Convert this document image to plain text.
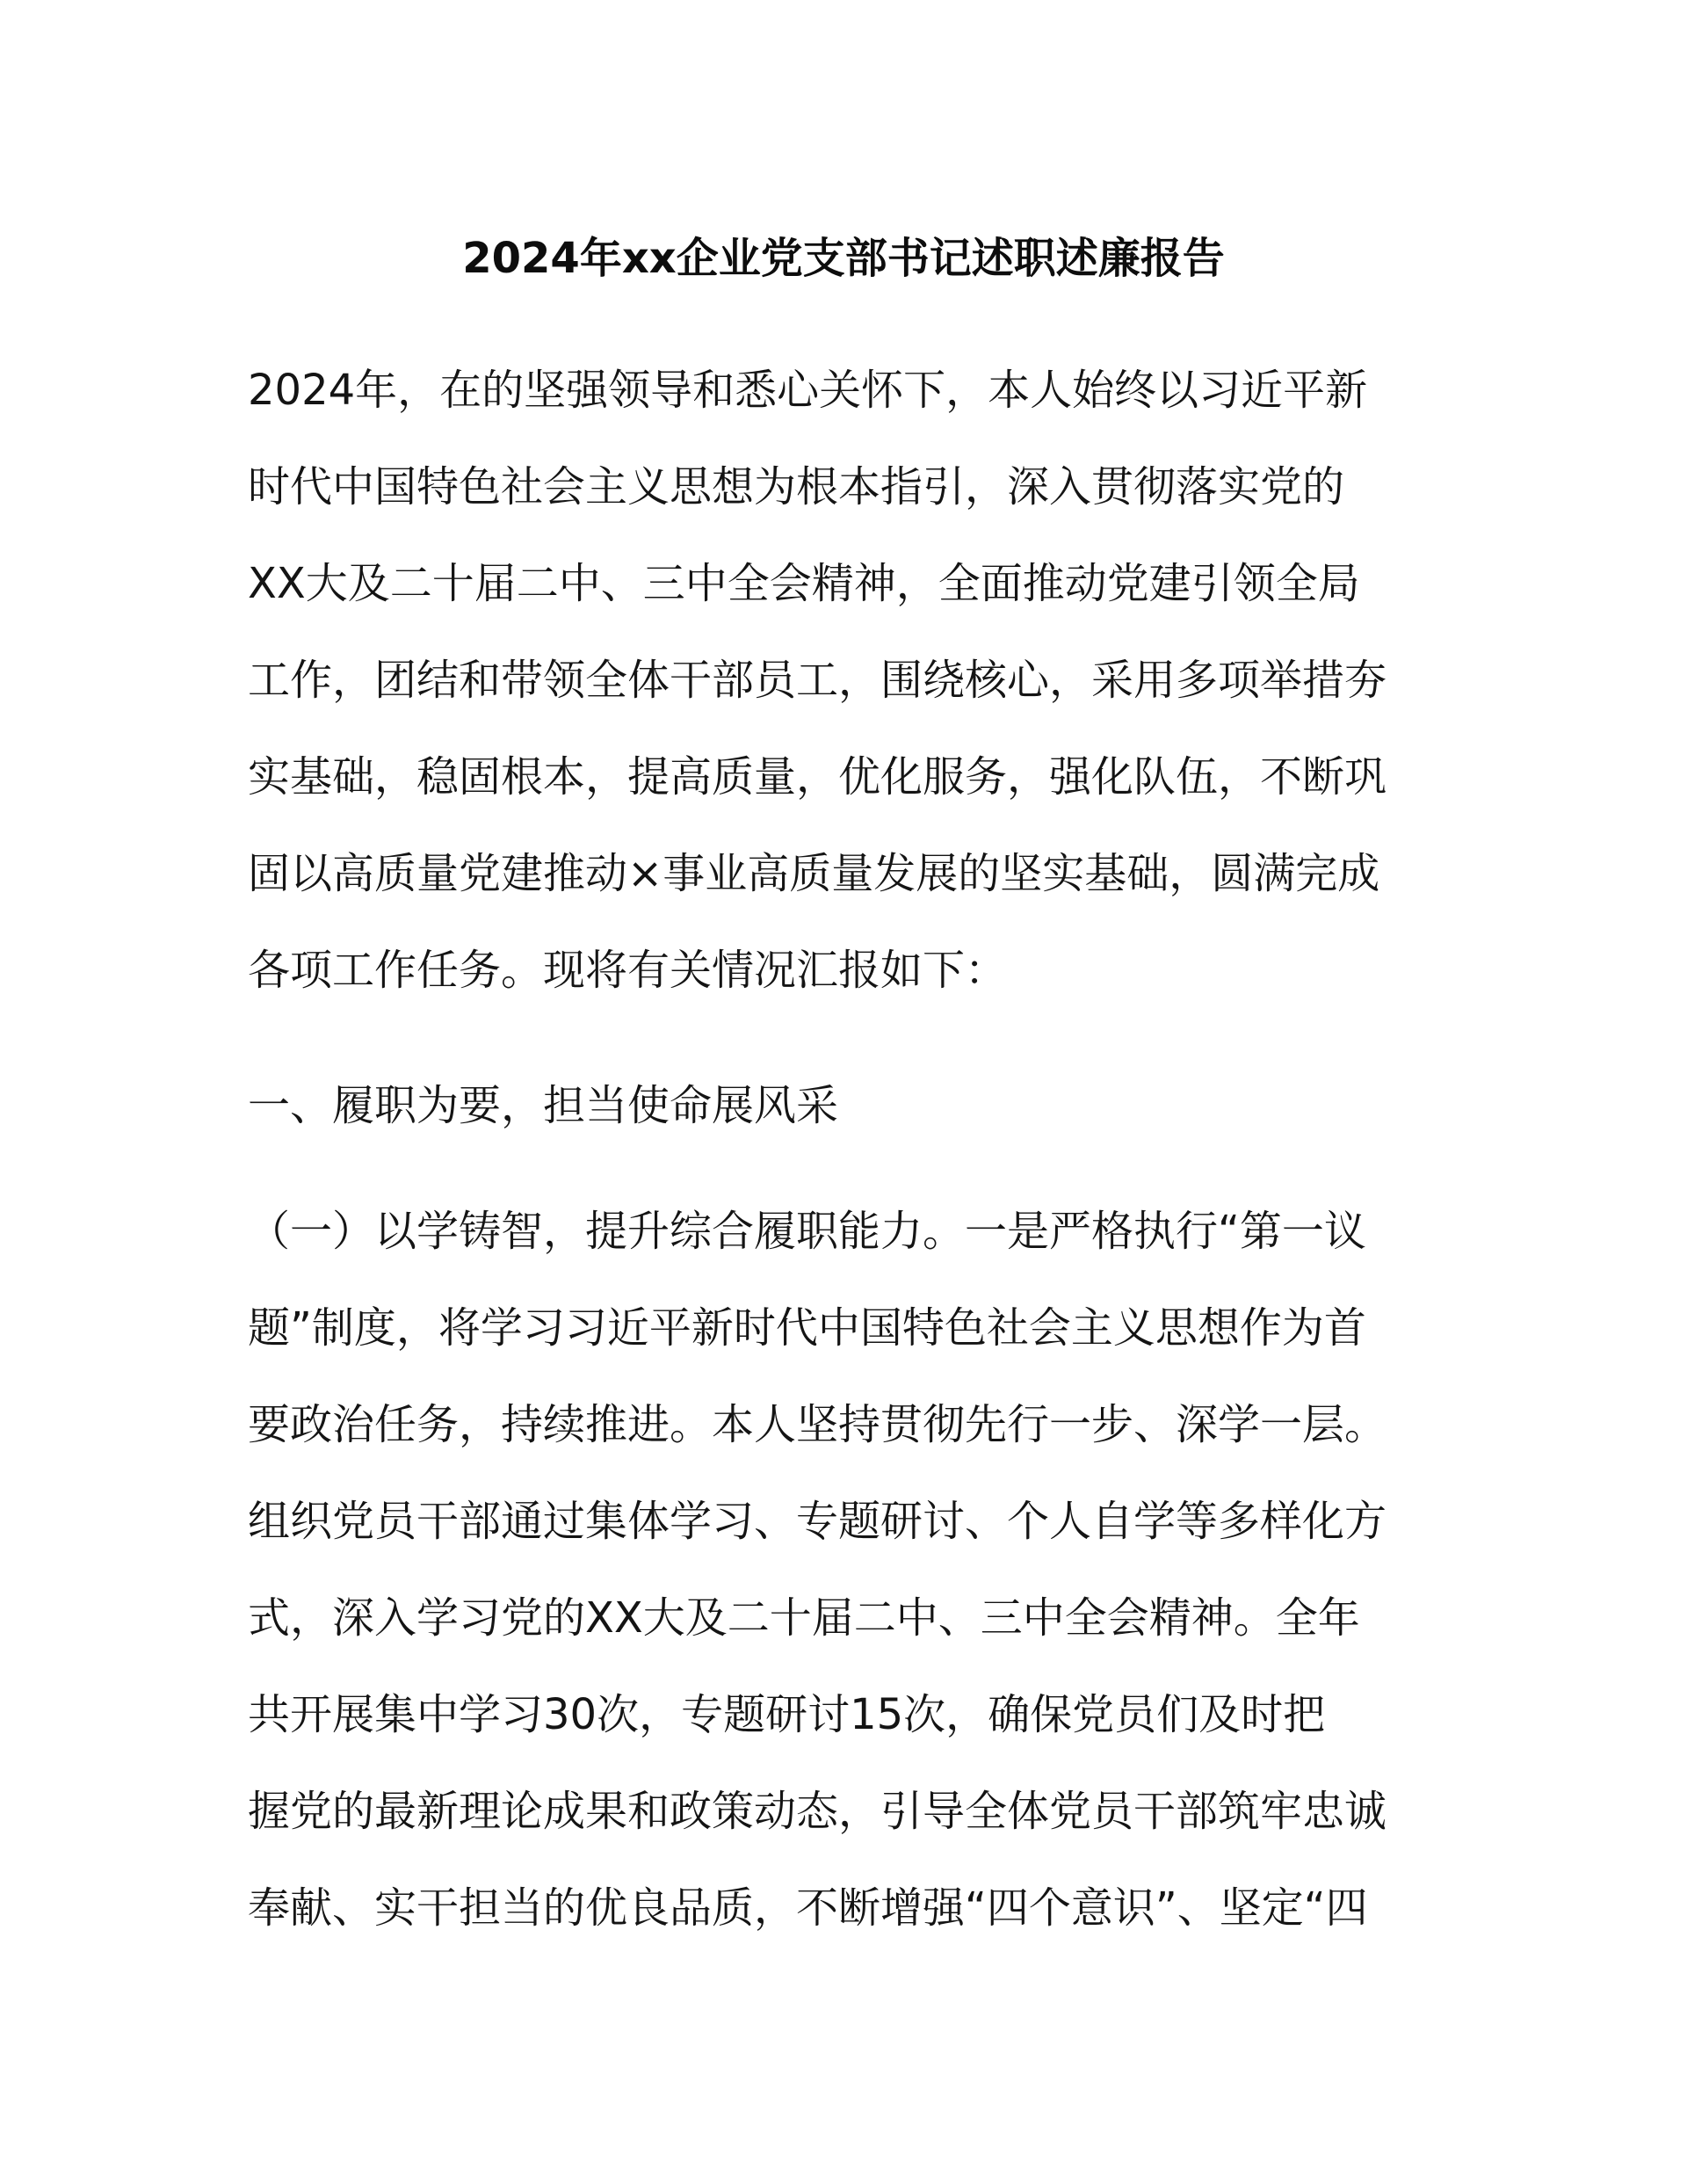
2024年xx企业党支部书记述职述廉报告
2024年，在的坚强领导和悉心关怀下，本人始终以习近平新
时代中国特色社会主义思想为根本指引，深入贯彻落实党的
XX大及二十届二中、三中全会精神，全面推动党建引领全局
工作，团结和带领全体干部员工，围绕核心，采用多项举措夯
实基础，稳固根本，提高质量，优化服务，强化队伍，不断巩
固以高质量党建推动×事业高质量发展的坚实基础，圆满完成
各项工作任务。现将有关情况汇报如下：
一、履职为要，担当使命展风采
（一）以学铸智，提升综合履职能力。一是严格执行“第一议
题”制度，将学习习近平新时代中国特色社会主义思想作为首
要政治任务，持续推进。本人坚持贯彻先行一步、深学一层。
组织党员干部通过集体学习、专题研讨、个人自学等多样化方
式，深入学习党的XX大及二十届二中、三中全会精神。全年
共开展集中学习30次，专题研讨15次，确保党员们及时把
握党的最新理论成果和政策动态，引导全体党员干部筑牢忠诚
奉献、实干担当的优良品质，不断增强“四个意识”、坚定“四
